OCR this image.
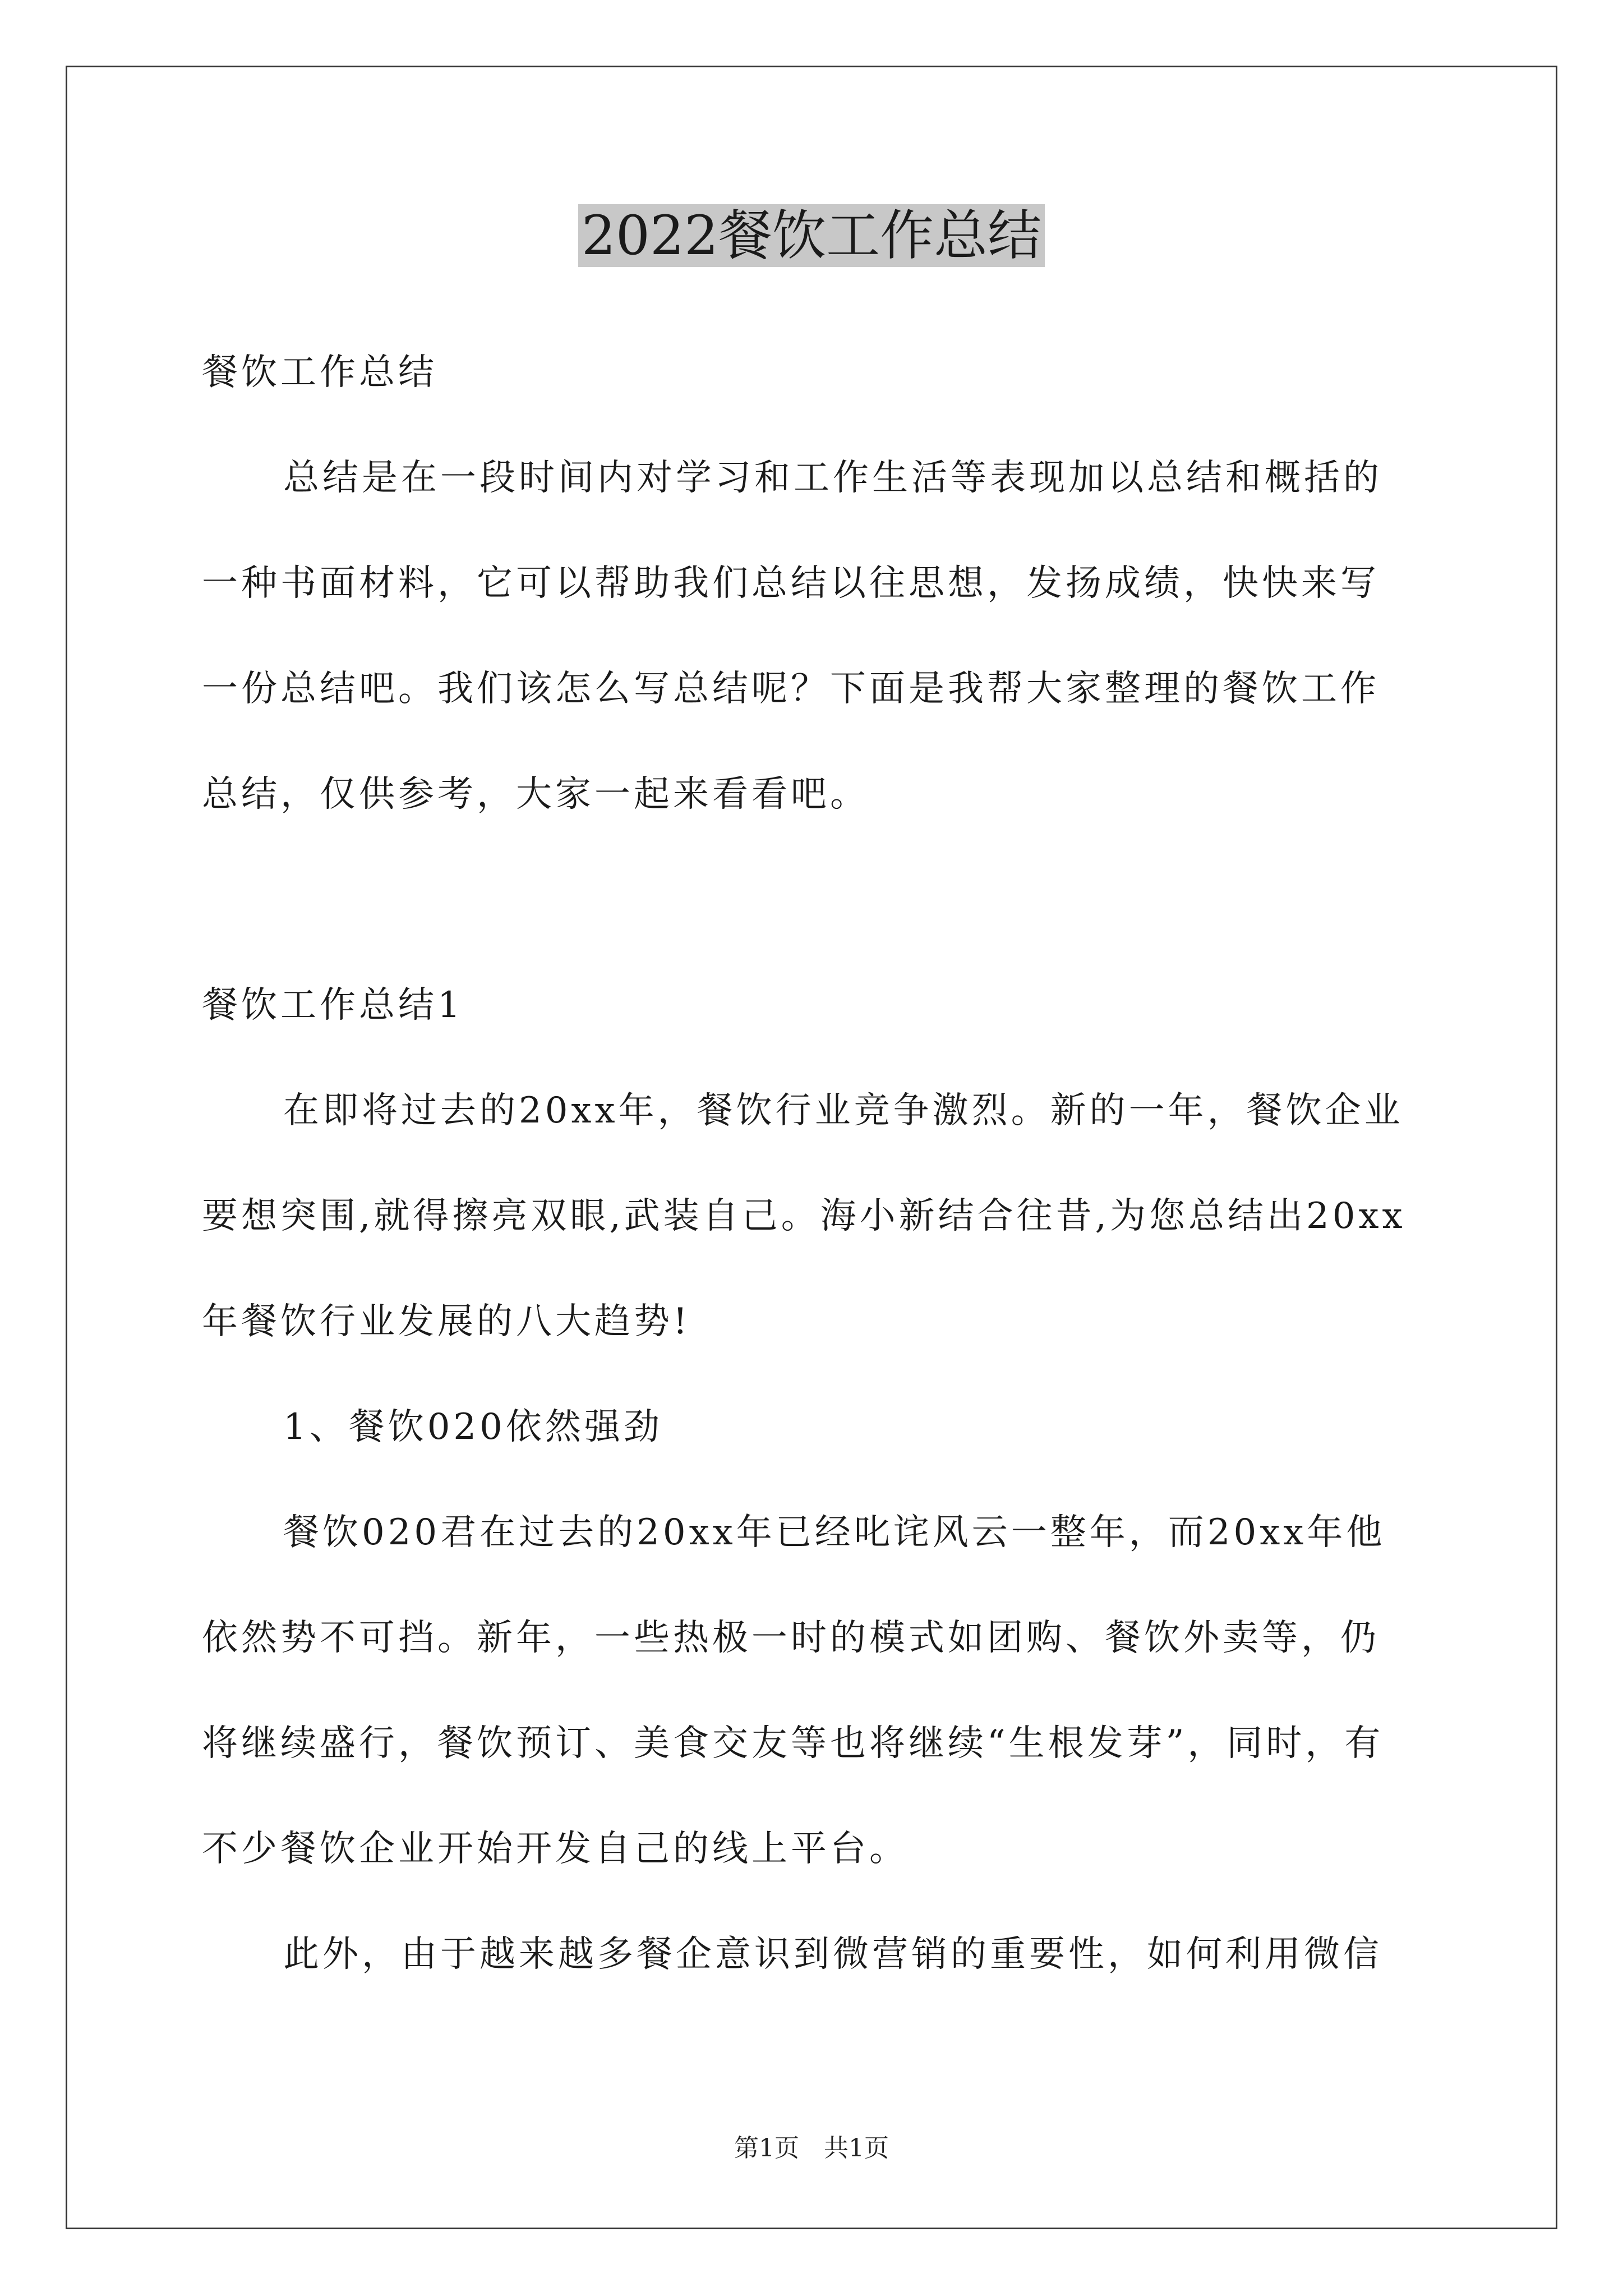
2022餐饮工作总结
餐饮工作总结
总结是在一段时间内对学习和工作生活等表现加以总结和概括的
一种书面材料，它可以帮助我们总结以往思想，发扬成绩，快快来写
一份总结吧。我们该怎么写总结呢？下面是我帮大家整理的餐饮工作
总结，仅供参考，大家一起来看看吧。
餐饮工作总结1
在即将过去的20xx年，餐饮行业竞争激烈。新的一年，餐饮企业
要想突围,就得擦亮双眼,武装自己。海小新结合往昔,为您总结出20xx
年餐饮行业发展的八大趋势!
1、餐饮020依然强劲
餐饮020君在过去的20xx年已经叱诧风云一整年，而20xx年他
依然势不可挡。新年，一些热极一时的模式如团购、餐饮外卖等，仍
将继续盛行，餐饮预订、美食交友等也将继续“生根发芽”，同时，有
不少餐饮企业开始开发自己的线上平台。
此外，由于越来越多餐企意识到微营销的重要性，如何利用微信
第1页　共1页
